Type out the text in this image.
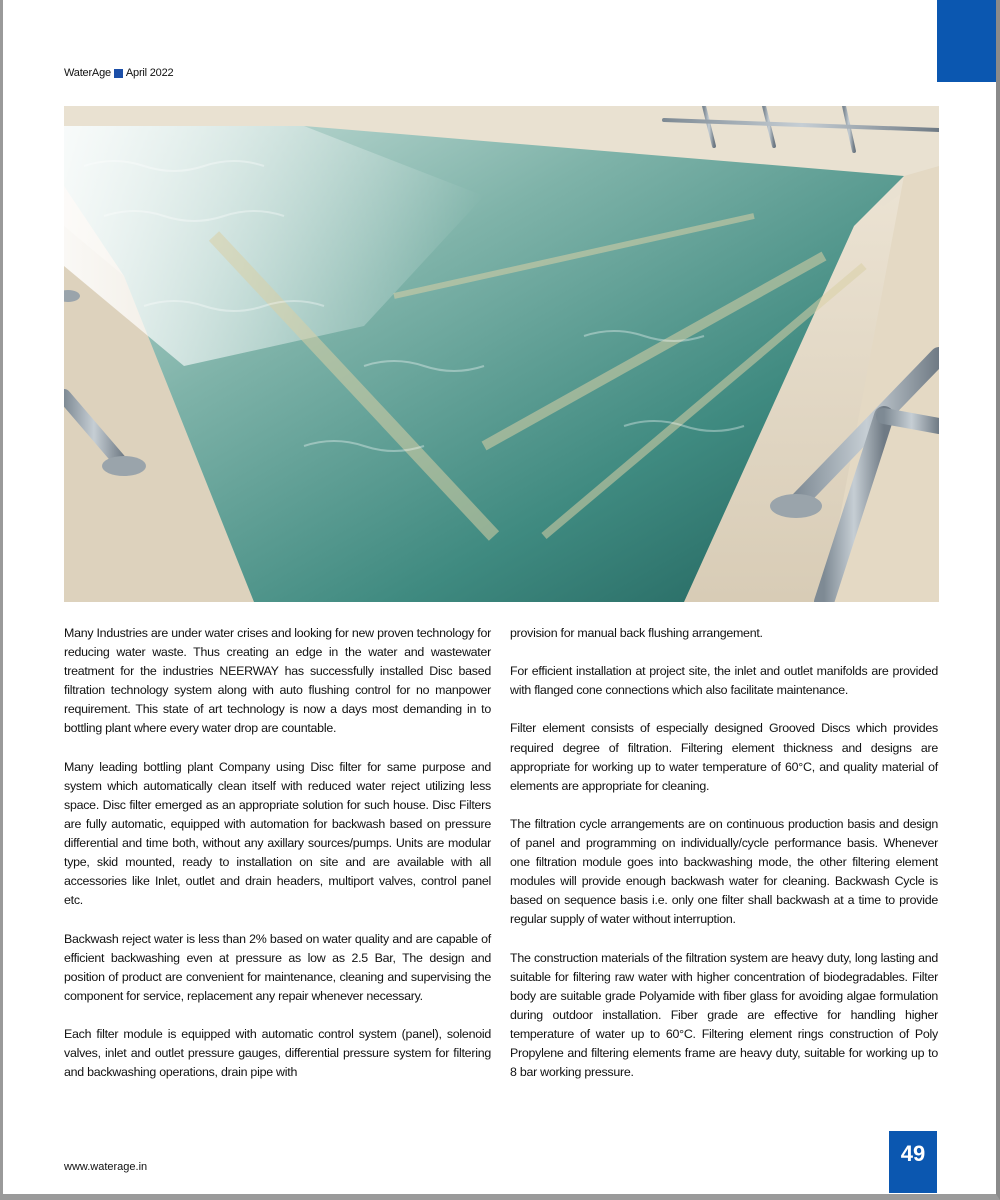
WaterAge April 2022

Many Industries are under water crises and looking for new proven technology for reducing water waste. Thus creating an edge in the water and wastewater treatment for the industries NEERWAY has successfully installed Disc based filtration technology system along with auto flushing control for no manpower requirement. This state of art technology is now a days most demanding in to bottling plant where every water drop are countable.

Many leading bottling plant Company using Disc filter for same purpose and system which automatically clean itself with reduced water reject utilizing less space. Disc filter emerged as an appropriate solution for such house. Disc Filters are fully automatic, equipped with automation for backwash based on pressure differential and time both, without any axillary sources/pumps. Units are modular type, skid mounted, ready to installation on site and are available with all accessories like Inlet, outlet and drain headers, multiport valves, control panel etc.

Backwash reject water is less than 2% based on water quality and are capable of efficient backwashing even at pressure as low as 2.5 Bar, The design and position of product are convenient for maintenance, cleaning and supervising the component for service, replacement any repair whenever necessary.

Each filter module is equipped with automatic control system (panel), solenoid valves, inlet and outlet pressure gauges, differential pressure system for filtering and backwashing operations, drain pipe with

provision for manual back flushing arrangement.

For efficient installation at project site, the inlet and outlet manifolds are provided with flanged cone connections which also facilitate maintenance.

Filter element consists of especially designed Grooved Discs which provides required degree of filtration. Filtering element thickness and designs are appropriate for working up to water temperature of 60°C, and quality material of elements are appropriate for cleaning.

The filtration cycle arrangements are on continuous production basis and design of panel and programming on individually/cycle performance basis. Whenever one filtration module goes into backwashing mode, the other filtering element modules will provide enough backwash water for cleaning. Backwash Cycle is based on sequence basis i.e. only one filter shall backwash at a time to provide regular supply of water without interruption.

The construction materials of the filtration system are heavy duty, long lasting and suitable for filtering raw water with higher concentration of biodegradables. Filter body are suitable grade Polyamide with fiber glass for avoiding algae formulation during outdoor installation. Fiber grade are effective for handling higher temperature of water up to 60°C. Filtering element rings construction of Poly Propylene and filtering elements frame are heavy duty, suitable for working up to 8 bar working pressure.

www.waterage.in
49
